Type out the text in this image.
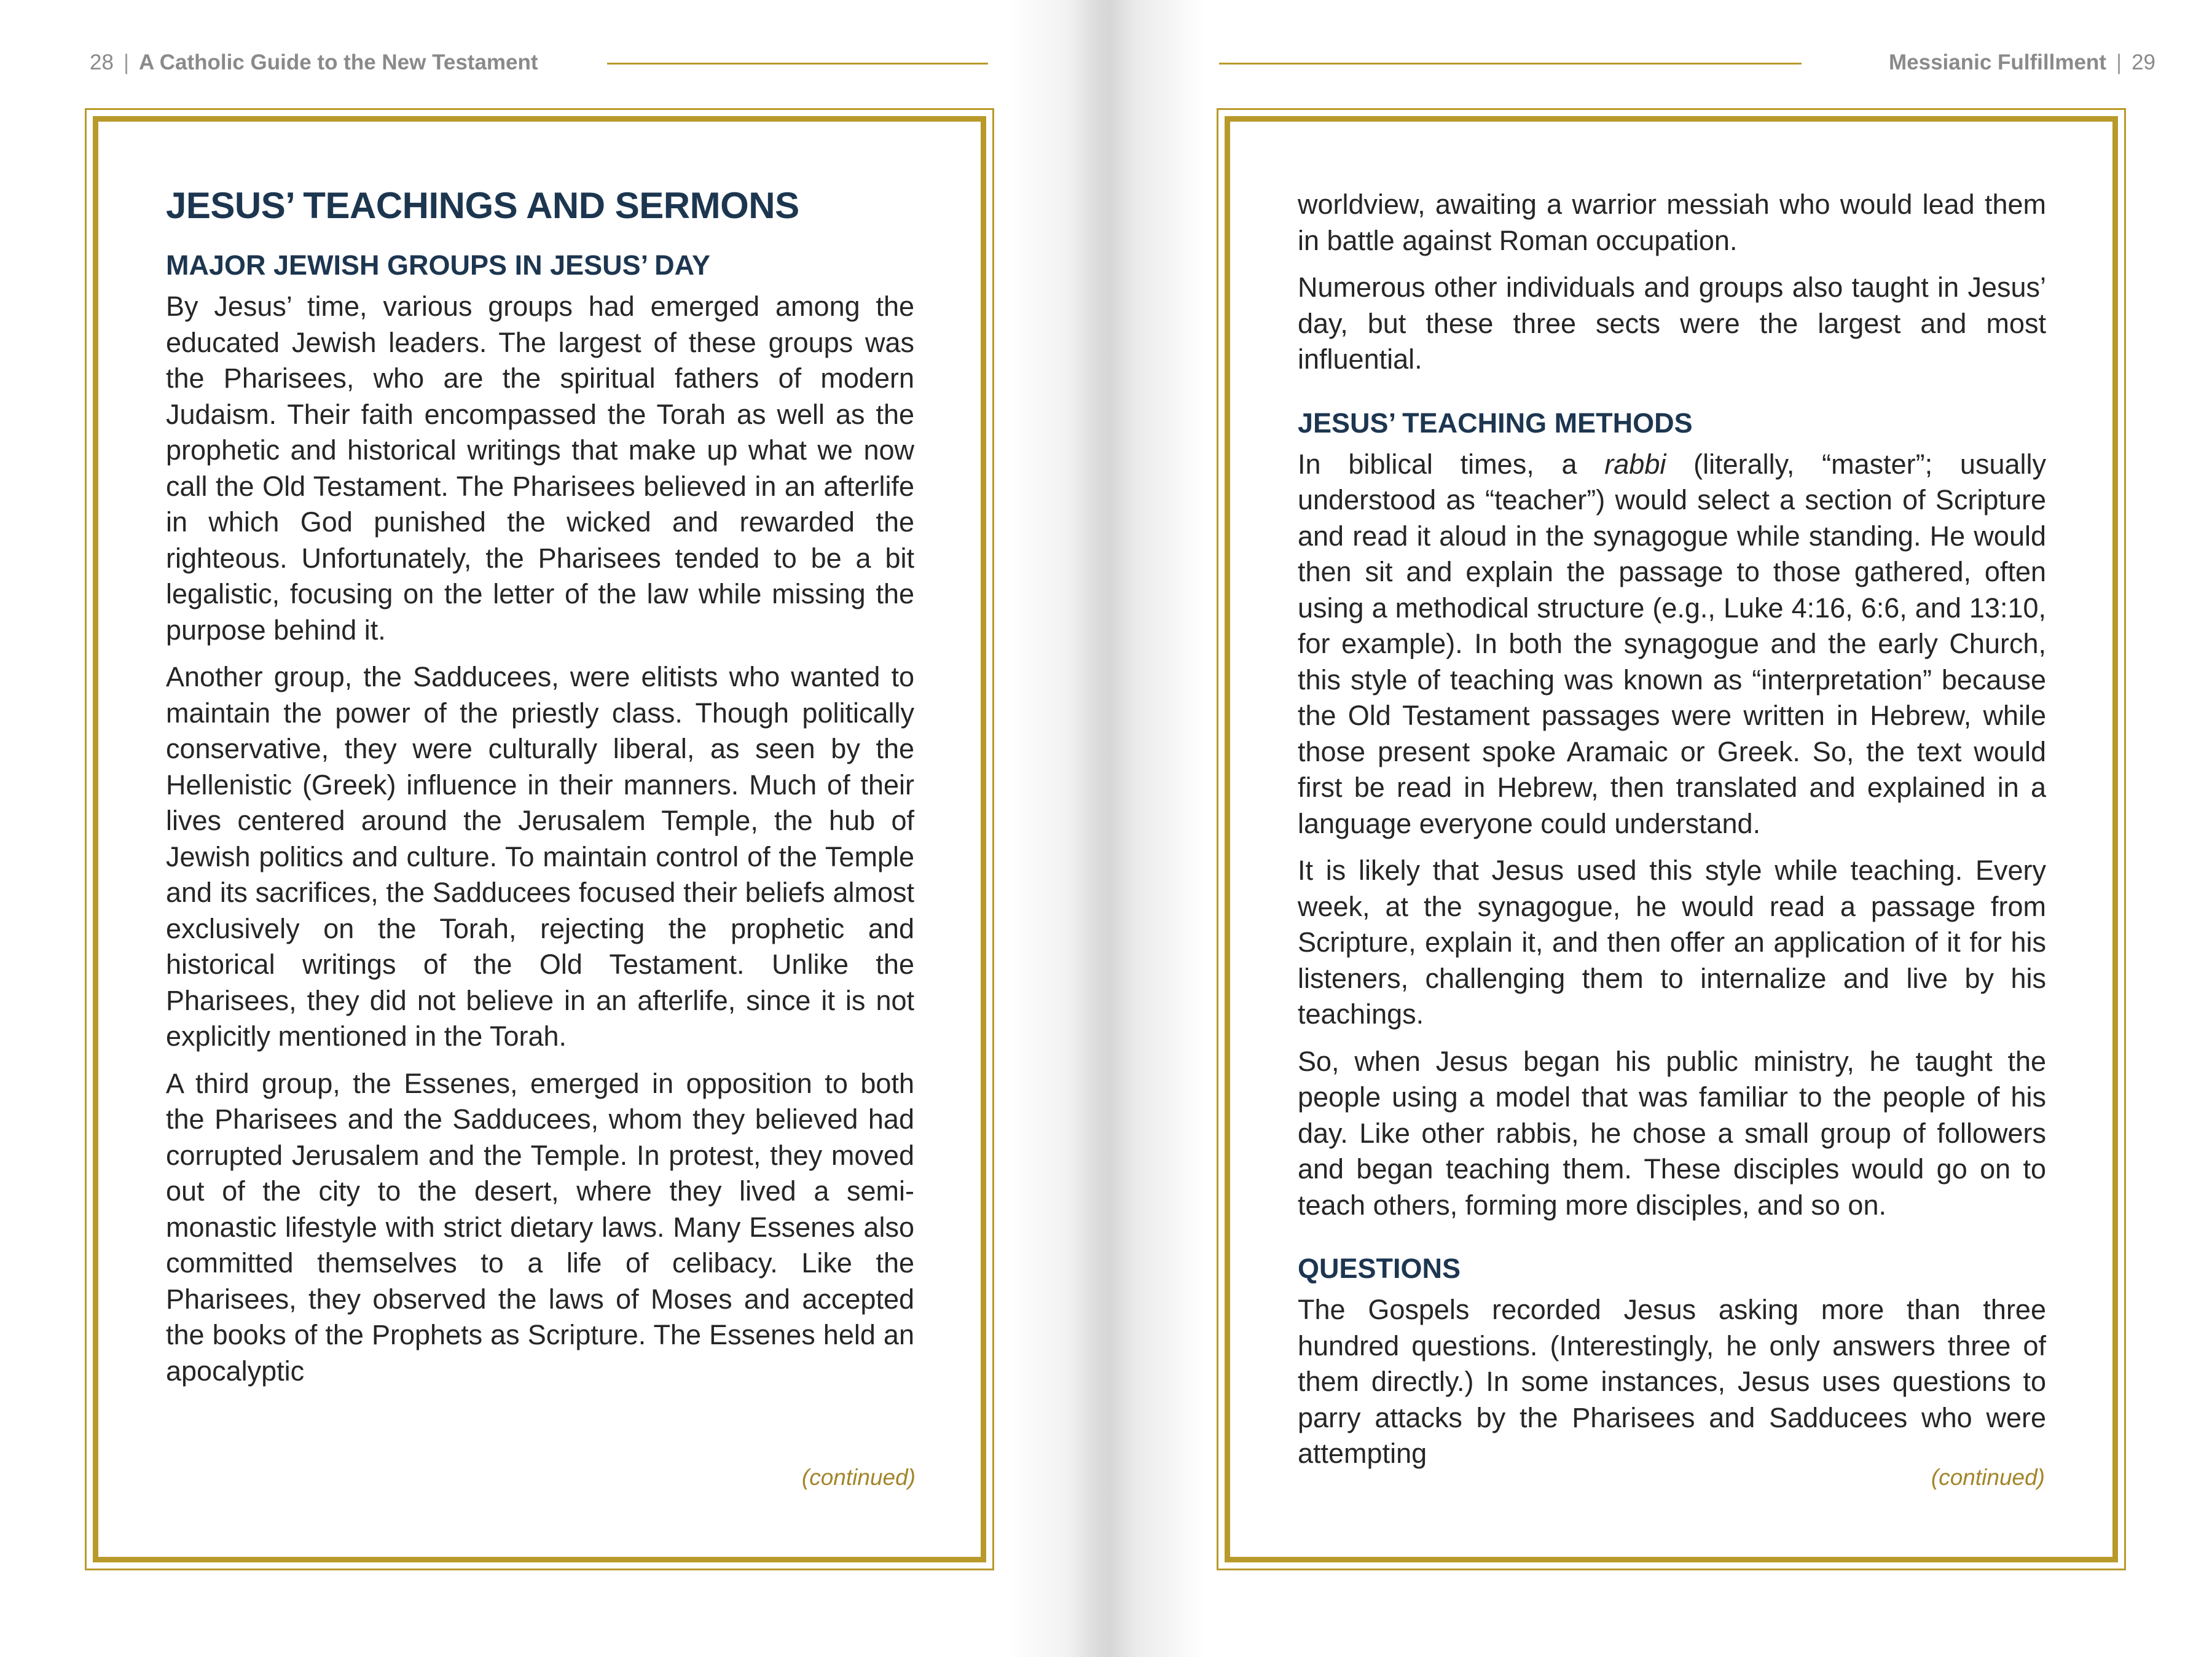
28 | A Catholic Guide to the New Testament
JESUS’ TEACHINGS AND SERMONS
MAJOR JEWISH GROUPS IN JESUS’ DAY

By Jesus’ time, various groups had emerged among the educated Jewish leaders. The largest of these groups was the Pharisees, who are the spiritual fathers of modern Judaism. Their faith encompassed the Torah as well as the prophetic and historical writings that make up what we now call the Old Testament. The Pharisees believed in an afterlife in which God punished the wicked and rewarded the righteous. Unfortunately, the Pharisees tended to be a bit legalistic, focusing on the letter of the law while missing the purpose behind it.

Another group, the Sadducees, were elitists who wanted to maintain the power of the priestly class. Though politically conservative, they were culturally liberal, as seen by the Hellenistic (Greek) influence in their manners. Much of their lives centered around the Jerusalem Temple, the hub of Jewish politics and culture. To maintain control of the Temple and its sacrifices, the Sadducees focused their beliefs almost exclusively on the Torah, rejecting the prophetic and historical writings of the Old Testament. Unlike the Pharisees, they did not believe in an afterlife, since it is not explicitly mentioned in the Torah.

A third group, the Essenes, emerged in opposition to both the Pharisees and the Sadducees, whom they believed had corrupted Jerusalem and the Temple. In protest, they moved out of the city to the desert, where they lived a semi-monastic lifestyle with strict dietary laws. Many Essenes also committed themselves to a life of celibacy. Like the Pharisees, they observed the laws of Moses and accepted the books of the Prophets as Scripture. The Essenes held an apocalyptic

(continued)
Messianic Fulfillment | 29

worldview, awaiting a warrior messiah who would lead them in battle against Roman occupation.

Numerous other individuals and groups also taught in Jesus’ day, but these three sects were the largest and most influential.

JESUS’ TEACHING METHODS

In biblical times, a rabbi (literally, “master”; usually understood as “teacher”) would select a section of Scripture and read it aloud in the synagogue while standing. He would then sit and explain the passage to those gathered, often using a methodical structure (e.g., Luke 4:16, 6:6, and 13:10, for example). In both the synagogue and the early Church, this style of teaching was known as “interpretation” because the Old Testament passages were written in Hebrew, while those present spoke Aramaic or Greek. So, the text would first be read in Hebrew, then translated and explained in a language everyone could understand.

It is likely that Jesus used this style while teaching. Every week, at the synagogue, he would read a passage from Scripture, explain it, and then offer an application of it for his listeners, challenging them to internalize and live by his teachings.

So, when Jesus began his public ministry, he taught the people using a model that was familiar to the people of his day. Like other rabbis, he chose a small group of followers and began teaching them. These disciples would go on to teach others, forming more disciples, and so on.

QUESTIONS

The Gospels recorded Jesus asking more than three hundred questions. (Interestingly, he only answers three of them directly.) In some instances, Jesus uses questions to parry attacks by the Pharisees and Sadducees who were attempting

(continued)
